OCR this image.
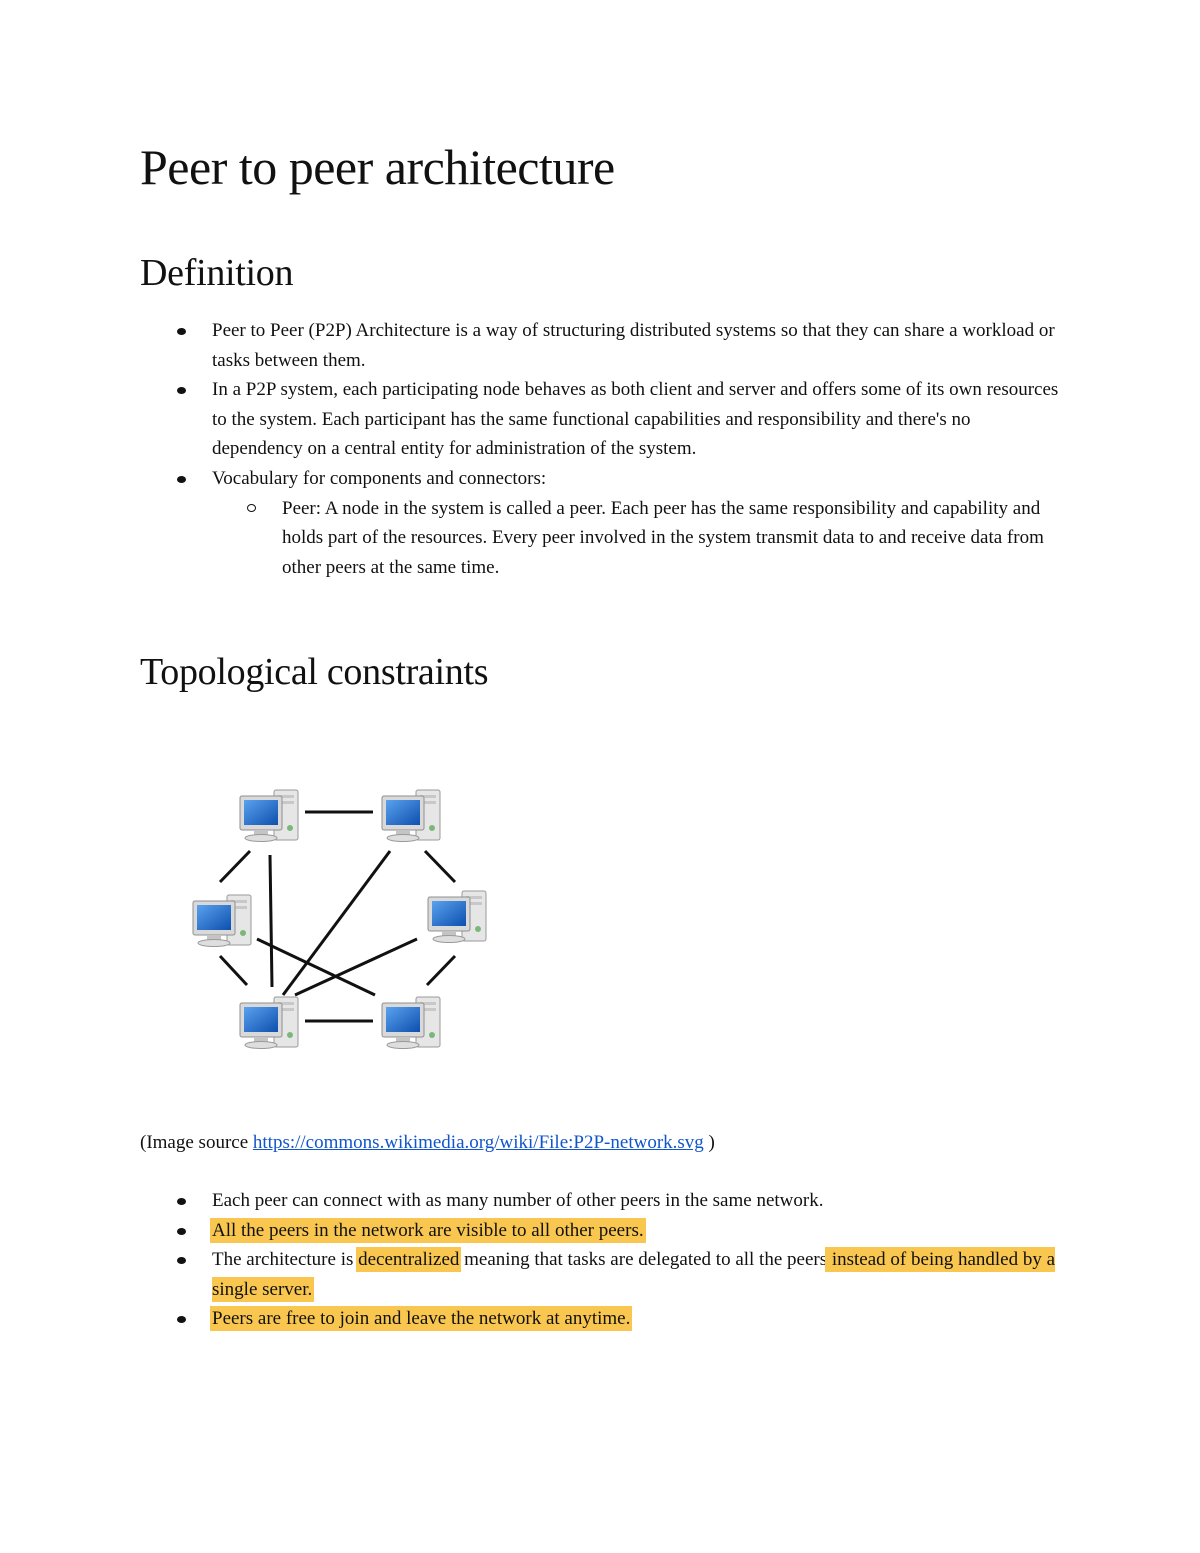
Peer to peer architecture
Definition
Peer to Peer (P2P) Architecture is a way of structuring distributed systems so that they can share a workload or tasks between them.
In a P2P system, each participating node behaves as both client and server and offers some of its own resources to the system. Each participant has the same functional capabilities and responsibility and there's no dependency on a central entity for administration of the system.
Vocabulary for components and connectors:
Peer: A node in the system is called a peer. Each peer has the same responsibility and capability and holds part of the resources. Every peer involved in the system transmit data to and receive data from other peers at the same time.
Topological constraints
(Image source https://commons.wikimedia.org/wiki/File:P2P-network.svg )
Each peer can connect with as many number of other peers in the same network.
All the peers in the network are visible to all other peers.
The architecture is decentralized meaning that tasks are delegated to all the peers instead of being handled by a single server.
Peers are free to join and leave the network at anytime.
